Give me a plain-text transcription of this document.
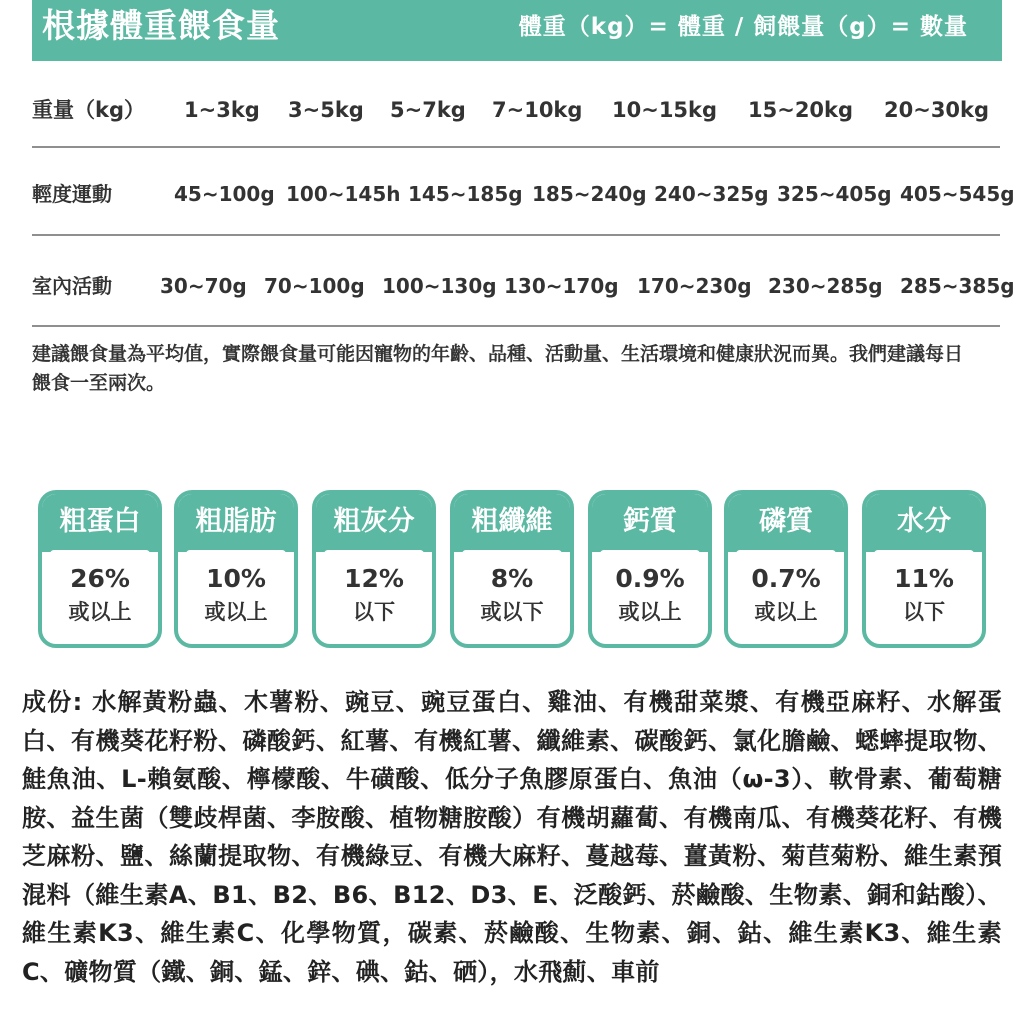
根據體重餵食量	體重（kg）= 體重 / 飼餵量（g）= 數量
重量（kg） 1~3kg 3~5kg 5~7kg 7~10kg 10~15kg 15~20kg 20~30kg
輕度運動	45~100g 100~145h 145~185g 185~240g 240~325g 325~405g 405~545g
室內活動 30~70g 70~100g 100~130g 130~170g 170~230g 230~285g 285~385g
建議餵食量為平均值，實際餵食量可能因寵物的年齡、品種、活動量、生活環境和健康狀況而異。我們建議每日餵食一至兩次。
粗蛋白
26%
或以上
粗脂肪
10%
或以上
粗灰分
12%
以下
粗纖維
8%
或以下
鈣質
0.9%
或以上
磷質
0.7%
或以上
水分
11%
以下
成份: 水解黃粉蟲、木薯粉、豌豆、豌豆蛋白、雞油、有機甜菜漿、有機亞麻籽、水解蛋白、有機葵花籽粉、磷酸鈣、紅薯、有機紅薯、纖維素、碳酸鈣、氯化膽鹼、蟋蟀提取物、鮭魚油、L-賴氨酸、檸檬酸、牛磺酸、低分子魚膠原蛋白、魚油（ω-3）、軟骨素、葡萄糖胺、益生菌（雙歧桿菌、李胺酸、植物糖胺酸）有機胡蘿蔔、有機南瓜、有機葵花籽、有機芝麻粉、鹽、絲蘭提取物、有機綠豆、有機大麻籽、蔓越莓、薑黃粉、菊苣菊粉、維生素預混料（維生素A、B1、B2、B6、B12、D3、E、泛酸鈣、菸鹼酸、生物素、銅和鈷酸）、維生素K3、維生素C、化學物質，碳素、菸鹼酸、生物素、銅、鈷、維生素K3、維生素C、礦物質（鐵、銅、錳、鋅、碘、鈷、硒），水飛薊、車前
